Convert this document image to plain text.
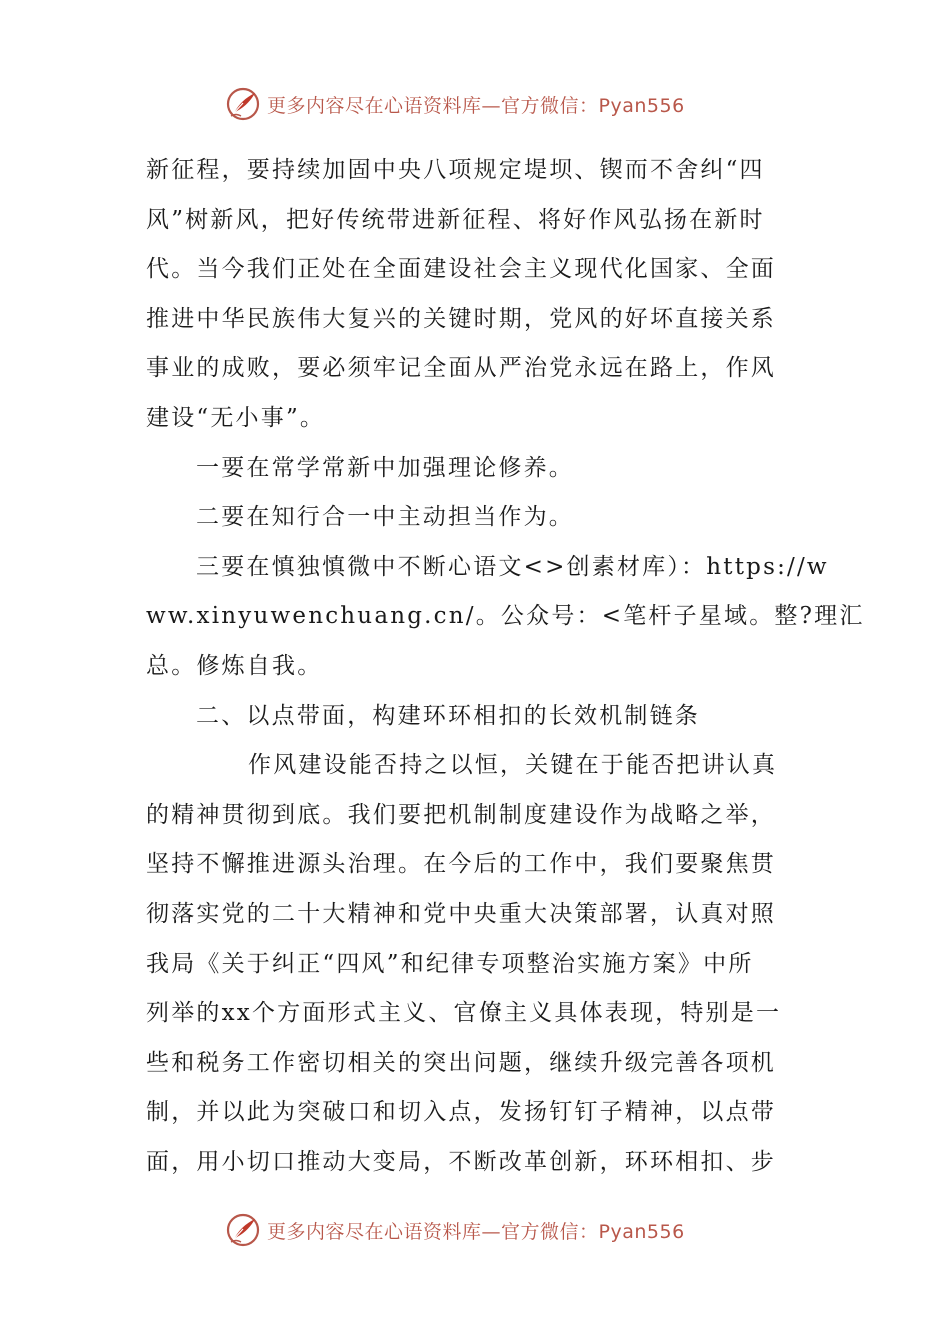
更多内容尽在心语资料库—官方微信：Pyan556
新征程，要持续加固中央八项规定堤坝、锲而不舍纠“四
风”树新风，把好传统带进新征程、将好作风弘扬在新时
代。当今我们正处在全面建设社会主义现代化国家、全面
推进中华民族伟大复兴的关键时期，党风的好坏直接关系
事业的成败，要必须牢记全面从严治党永远在路上，作风
建设“无小事”。
一要在常学常新中加强理论修养。
二要在知行合一中主动担当作为。
三要在慎独慎微中不断心语文<>创素材库）：https://w
ww.xinyuwenchuang.cn/。公众号：<笔杆子星域。整?理汇
总。修炼自我。
二、以点带面，构建环环相扣的长效机制链条
作风建设能否持之以恒，关键在于能否把讲认真
的精神贯彻到底。我们要把机制制度建设作为战略之举，
坚持不懈推进源头治理。在今后的工作中，我们要聚焦贯
彻落实党的二十大精神和党中央重大决策部署，认真对照
我局《关于纠正“四风”和纪律专项整治实施方案》中所
列举的xx个方面形式主义、官僚主义具体表现，特别是一
些和税务工作密切相关的突出问题，继续升级完善各项机
制，并以此为突破口和切入点，发扬钉钉子精神，以点带
面，用小切口推动大变局，不断改革创新，环环相扣、步
更多内容尽在心语资料库—官方微信：Pyan556
